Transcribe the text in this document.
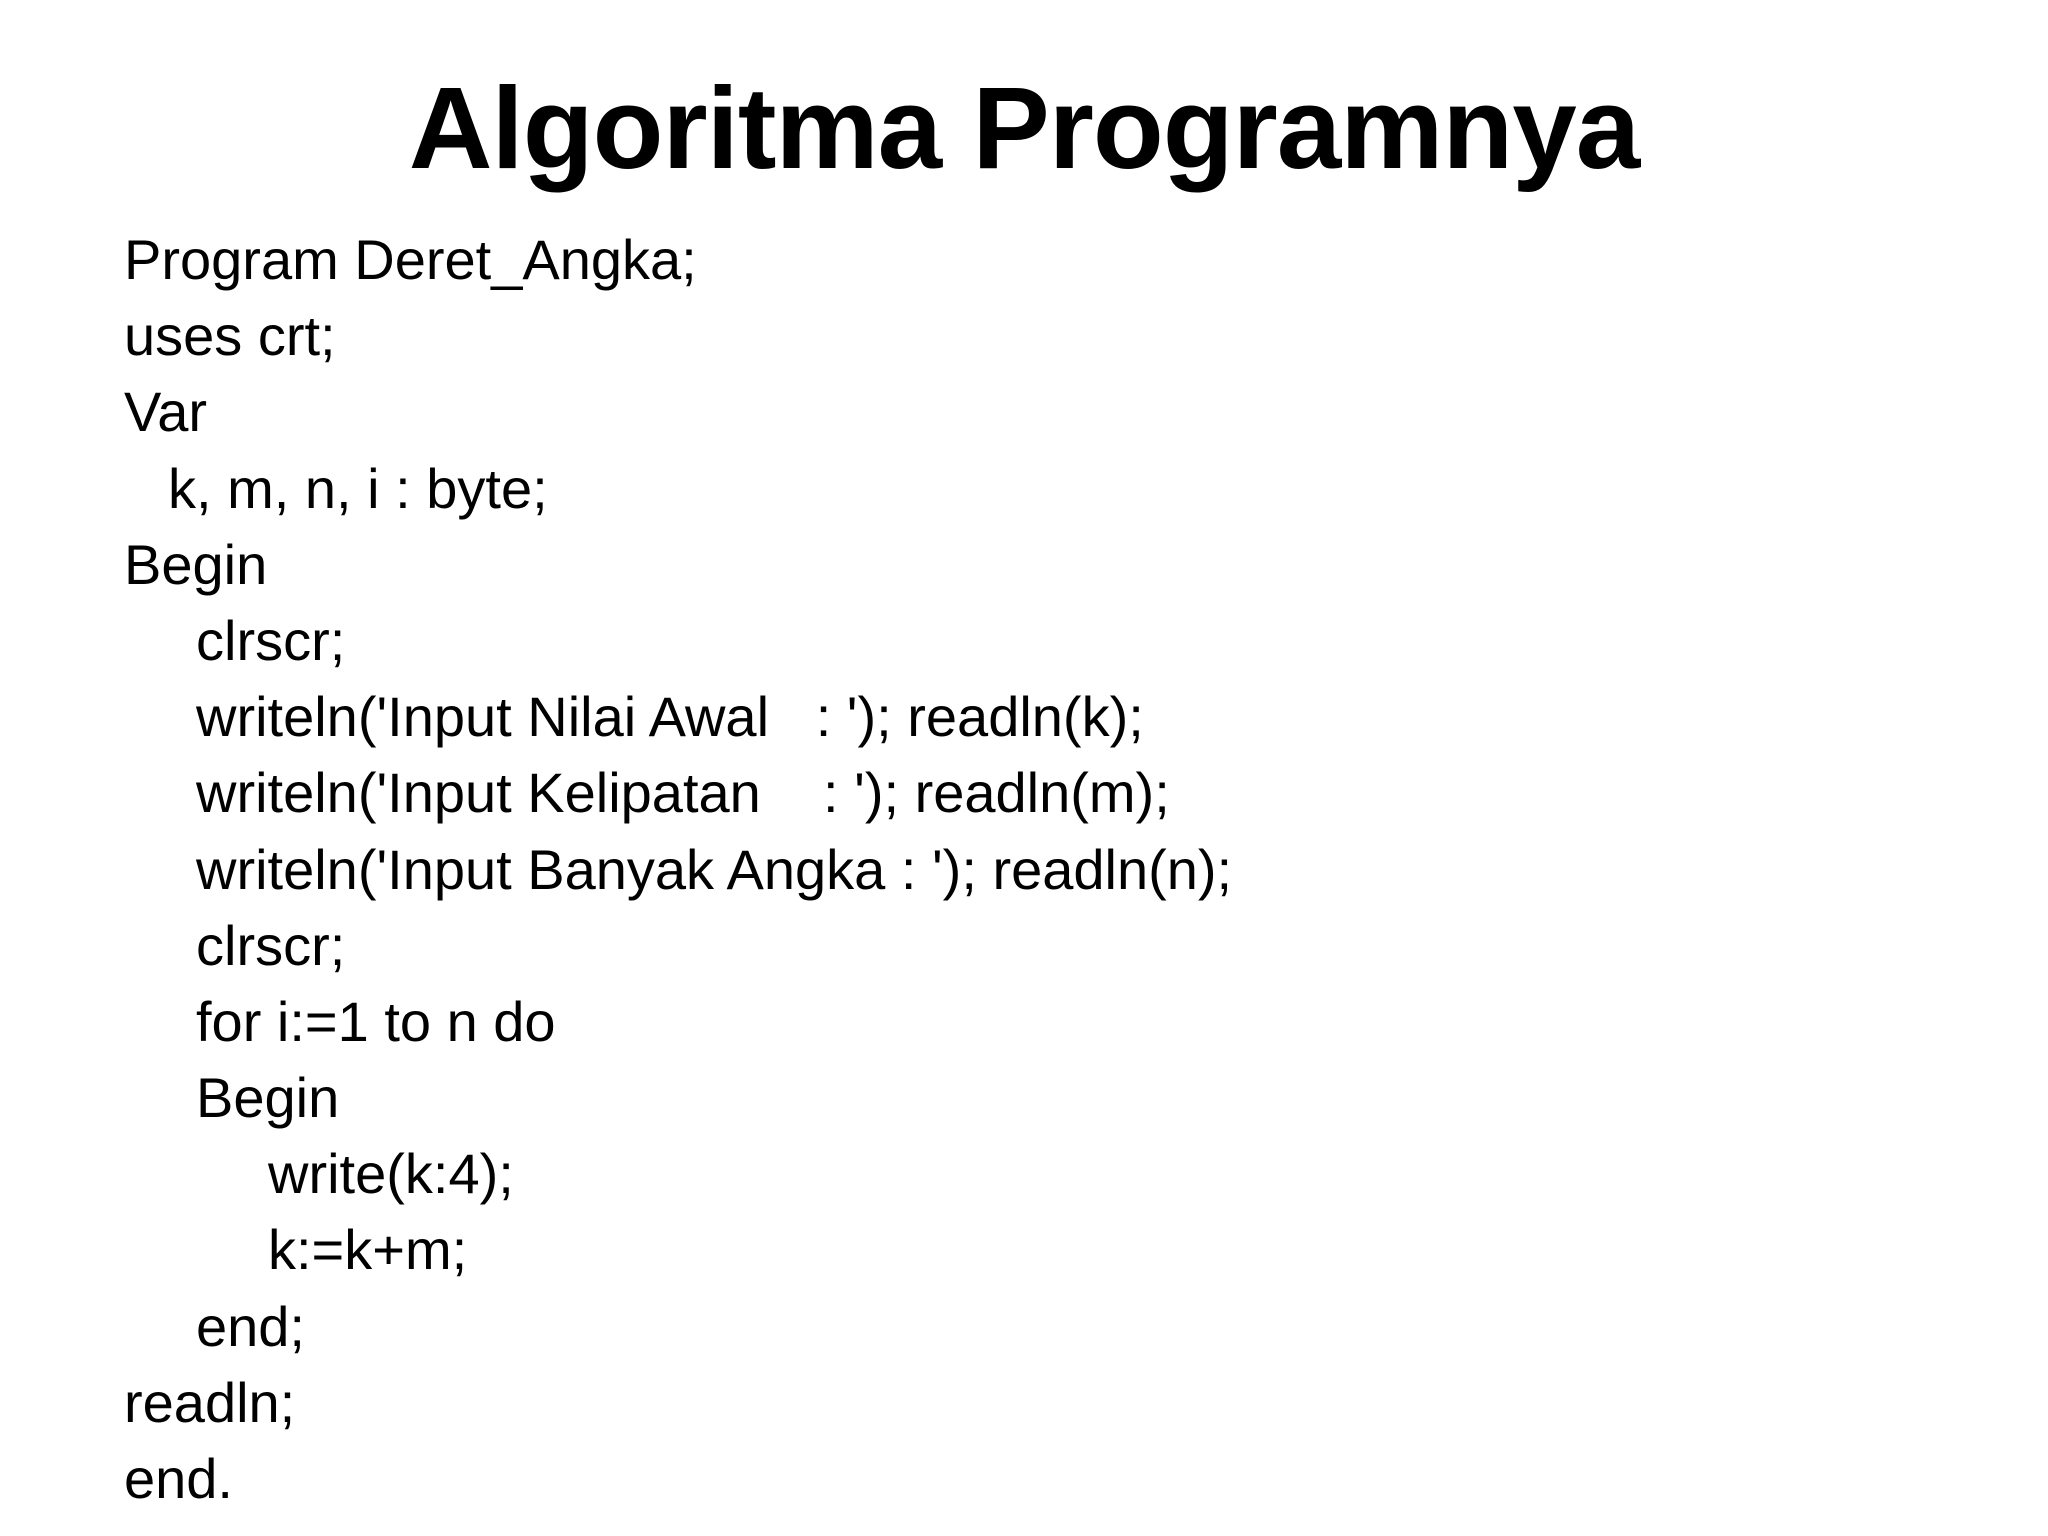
Algoritma Programnya
Program Deret_Angka;
uses crt;
Var
k, m, n, i : byte;
Begin
clrscr;
writeln('Input Nilai Awal   : '); readln(k);
writeln('Input Kelipatan    : '); readln(m);
writeln('Input Banyak Angka : '); readln(n);
clrscr;
for i:=1 to n do
Begin
write(k:4);
k:=k+m;
end;
readln;
end.
